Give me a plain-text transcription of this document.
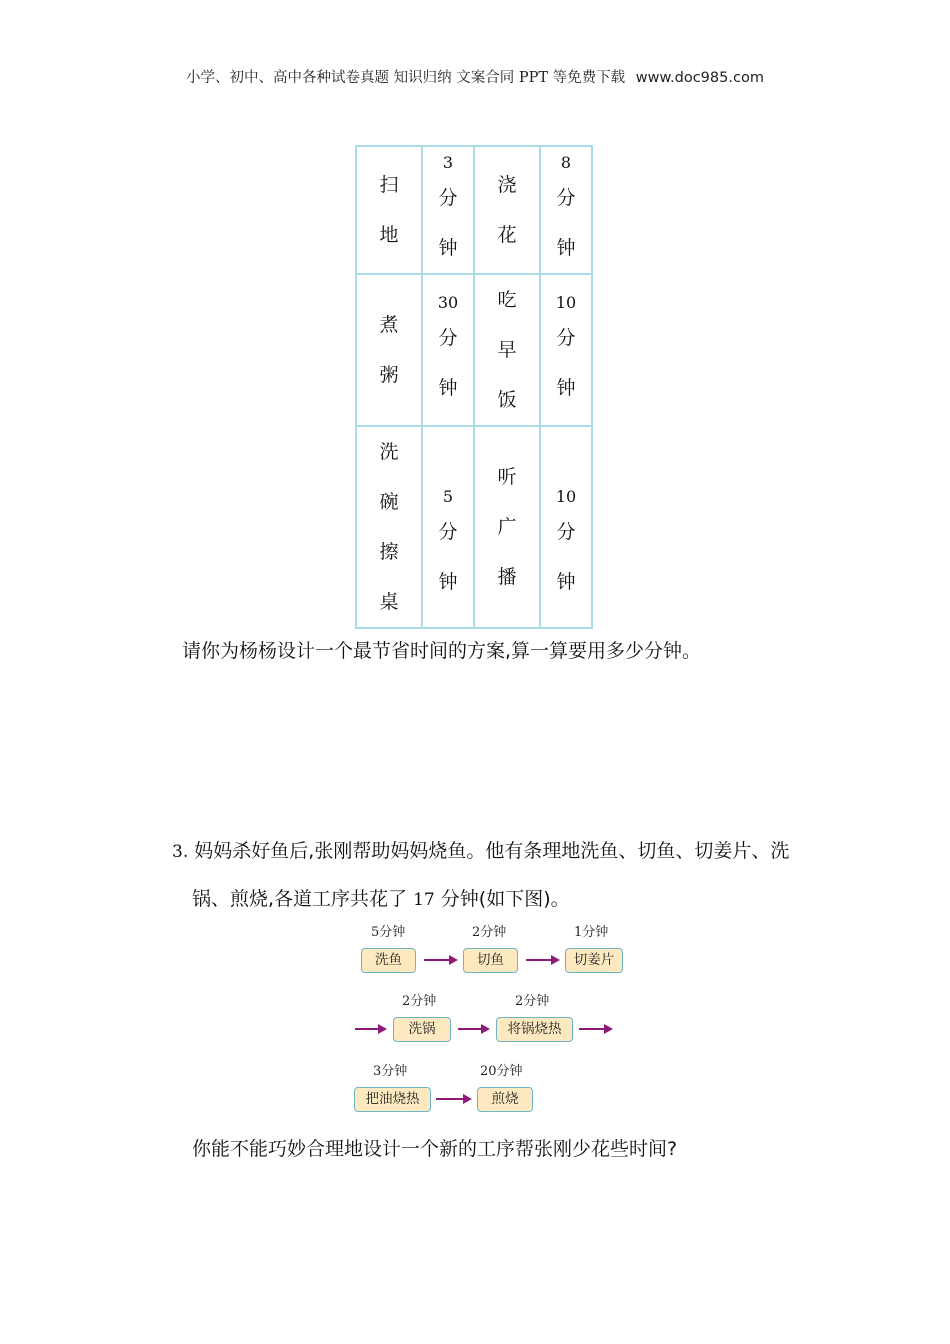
小学、初中、高中各种试卷真题 知识归纳 文案合同 PPT 等免费下载 www.doc985.com
扫
地	3
分
钟	浇
花	8
分
钟

煮
粥	30
分
钟	吃
早
饭	10
分
钟

洗
碗
擦
桌	5
分
钟	听
广
播	10
分
钟
请你为杨杨设计一个最节省时间的方案,算一算要用多少分钟。
3. 妈妈杀好鱼后,张刚帮助妈妈烧鱼。他有条理地洗鱼、切鱼、切姜片、洗
锅、煎烧,各道工序共花了 17 分钟(如下图)。
5分钟
洗鱼
2分钟
切鱼
1分钟
切姜片
2分钟
洗锅
2分钟
将锅烧热
3分钟
把油烧热
20分钟
煎烧
你能不能巧妙合理地设计一个新的工序帮张刚少花些时间?
